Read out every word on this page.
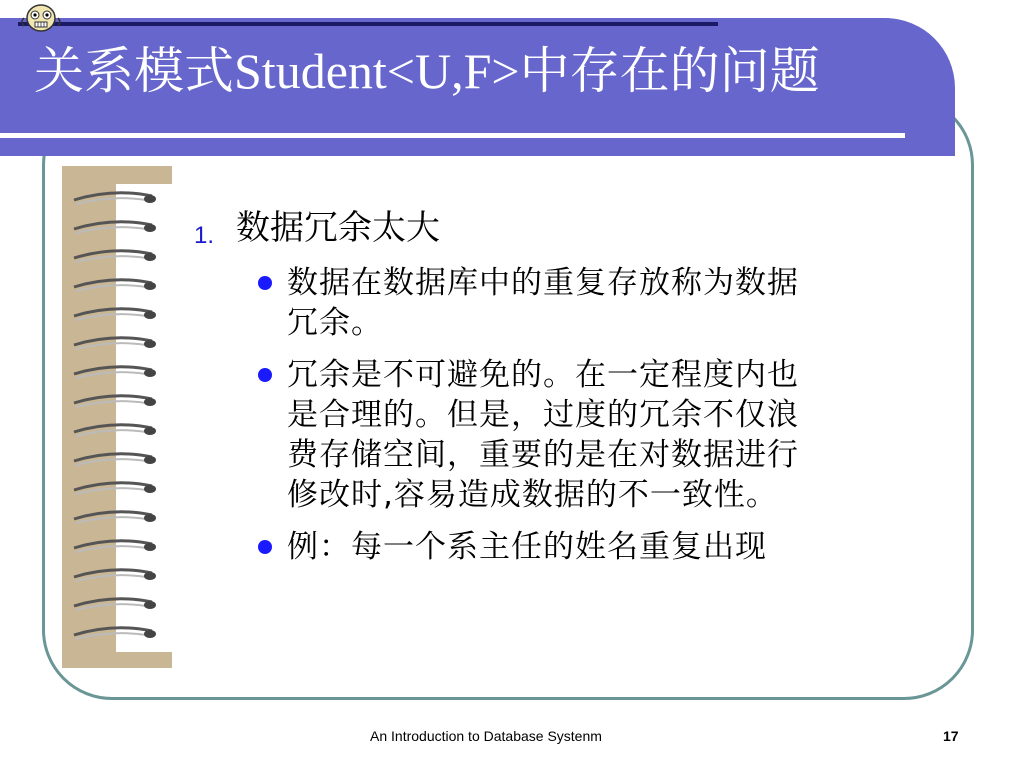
关系模式Student<U,F>中存在的问题
1. 数据冗余太大
数据在数据库中的重复存放称为数据冗余。
冗余是不可避免的。在一定程度内也是合理的。但是，过度的冗余不仅浪费存储空间，重要的是在对数据进行修改时,容易造成数据的不一致性。
例：每一个系主任的姓名重复出现
An Introduction to Database Systenm	17
